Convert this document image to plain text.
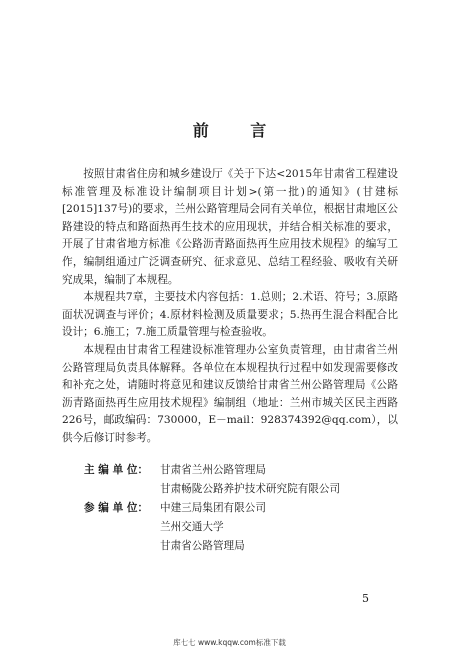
前 言

按照甘肃省住房和城乡建设厅《关于下达<2015年甘肃省工程建设标准管理及标准设计编制项目计划>(第一批)的通知》(甘建标[2015]137号)的要求，兰州公路管理局会同有关单位，根据甘肃地区公路建设的特点和路面热再生技术的应用现状，并结合相关标准的要求，开展了甘肃省地方标准《公路沥青路面热再生应用技术规程》的编写工作，编制组通过广泛调查研究、征求意见、总结工程经验、吸收有关研究成果，编制了本规程。

本规程共7章，主要技术内容包括：1.总则；2.术语、符号；3.原路面状况调查与评价；4.原材料检测及质量要求；5.热再生混合料配合比设计；6.施工；7.施工质量管理与检查验收。

本规程由甘肃省工程建设标准管理办公室负责管理，由甘肃省兰州公路管理局负责具体解释。各单位在本规程执行过程中如发现需要修改和补充之处，请随时将意见和建议反馈给甘肃省兰州公路管理局《公路沥青路面热再生应用技术规程》编制组（地址：兰州市城关区民主西路226号，邮政编码：730000，E－mail：928374392@qq.com），以供今后修订时参考。

主 编 单 位：	甘肃省兰州公路管理局
甘肃畅陇公路养护技术研究院有限公司
参 编 单 位：	中建三局集团有限公司
兰州交通大学
甘肃省公路管理局
5
库七七 www.kqqw.com标准下载
